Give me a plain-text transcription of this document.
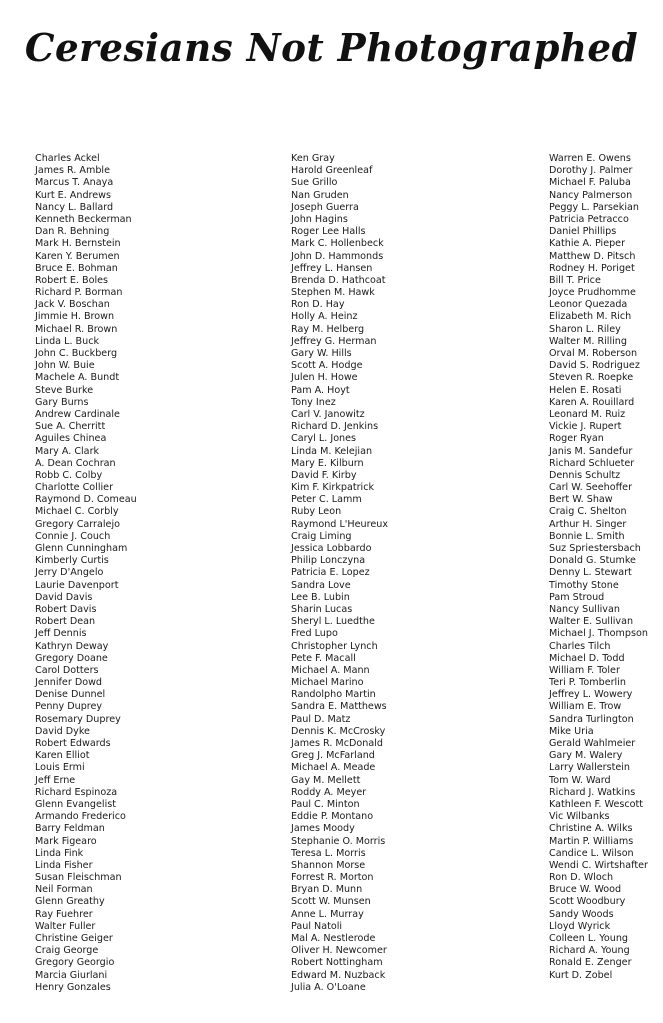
Ceresians Not Photographed
Charles Ackel
James R. Amble
Marcus T. Anaya
Kurt E. Andrews
Nancy L. Ballard
Kenneth Beckerman
Dan R. Behning
Mark H. Bernstein
Karen Y. Berumen
Bruce E. Bohman
Robert E. Boles
Richard P. Borman
Jack V. Boschan
Jimmie H. Brown
Michael R. Brown
Linda L. Buck
John C. Buckberg
John W. Buie
Machele A. Bundt
Steve Burke
Gary Burns
Andrew Cardinale
Sue A. Cherritt
Aguiles Chinea
Mary A. Clark
A. Dean Cochran
Robb C. Colby
Charlotte Collier
Raymond D. Comeau
Michael C. Corbly
Gregory Carralejo
Connie J. Couch
Glenn Cunningham
Kimberly Curtis
Jerry D'Angelo
Laurie Davenport
David Davis
Robert Davis
Robert Dean
Jeff Dennis
Kathryn Deway
Gregory Doane
Carol Dotters
Jennifer Dowd
Denise Dunnel
Penny Duprey
Rosemary Duprey
David Dyke
Robert Edwards
Karen Elliot
Louis Ermi
Jeff Erne
Richard Espinoza
Glenn Evangelist
Armando Frederico
Barry Feldman
Mark Figearo
Linda Fink
Linda Fisher
Susan Fleischman
Neil Forman
Glenn Greathy
Ray Fuehrer
Walter Fuller
Christine Geiger
Craig George
Gregory Georgio
Marcia Giurlani
Henry Gonzales
Ken Gray
Harold Greenleaf
Sue Grillo
Nan Gruden
Joseph Guerra
John Hagins
Roger Lee Halls
Mark C. Hollenbeck
John D. Hammonds
Jeffrey L. Hansen
Brenda D. Hathcoat
Stephen M. Hawk
Ron D. Hay
Holly A. Heinz
Ray M. Helberg
Jeffrey G. Herman
Gary W. Hills
Scott A. Hodge
Julen H. Howe
Pam A. Hoyt
Tony Inez
Carl V. Janowitz
Richard D. Jenkins
Caryl L. Jones
Linda M. Kelejian
Mary E. Kilburn
David F. Kirby
Kim F. Kirkpatrick
Peter C. Lamm
Ruby Leon
Raymond L'Heureux
Craig Liming
Jessica Lobbardo
Philip Lonczyna
Patricia E. Lopez
Sandra Love
Lee B. Lubin
Sharin Lucas
Sheryl L. Luedthe
Fred Lupo
Christopher Lynch
Pete F. Macall
Michael A. Mann
Michael Marino
Randolpho Martin
Sandra E. Matthews
Paul D. Matz
Dennis K. McCrosky
James R. McDonald
Greg J. McFarland
Michael A. Meade
Gay M. Mellett
Roddy A. Meyer
Paul C. Minton
Eddie P. Montano
James Moody
Stephanie O. Morris
Teresa L. Morris
Shannon Morse
Forrest R. Morton
Bryan D. Munn
Scott W. Munsen
Anne L. Murray
Paul Natoli
Mal A. Nestlerode
Oliver H. Newcomer
Robert Nottingham
Edward M. Nuzback
Julia A. O'Loane
Warren E. Owens
Dorothy J. Palmer
Michael F. Paluba
Nancy Palmerson
Peggy L. Parsekian
Patricia Petracco
Daniel Phillips
Kathie A. Pieper
Matthew D. Pitsch
Rodney H. Poriget
Bill T. Price
Joyce Prudhomme
Leonor Quezada
Elizabeth M. Rich
Sharon L. Riley
Walter M. Rilling
Orval M. Roberson
David S. Rodriguez
Steven R. Roepke
Helen E. Rosati
Karen A. Rouillard
Leonard M. Ruiz
Vickie J. Rupert
Roger Ryan
Janis M. Sandefur
Richard Schlueter
Dennis Schultz
Carl W. Seehoffer
Bert W. Shaw
Craig C. Shelton
Arthur H. Singer
Bonnie L. Smith
Suz Spriestersbach
Donald G. Stumke
Denny L. Stewart
Timothy Stone
Pam Stroud
Nancy Sullivan
Walter E. Sullivan
Michael J. Thompson
Charles Tilch
Michael D. Todd
William F. Toler
Teri P. Tomberlin
Jeffrey L. Wowery
William E. Trow
Sandra Turlington
Mike Uria
Gerald Wahlmeier
Gary M. Walery
Larry Wallerstein
Tom W. Ward
Richard J. Watkins
Kathleen F. Wescott
Vic Wilbanks
Christine A. Wilks
Martin P. Williams
Candice L. Wilson
Wendi C. Wirtshafter
Ron D. Wloch
Bruce W. Wood
Scott Woodbury
Sandy Woods
Lloyd Wyrick
Colleen L. Young
Richard A. Young
Ronald E. Zenger
Kurt D. Zobel
